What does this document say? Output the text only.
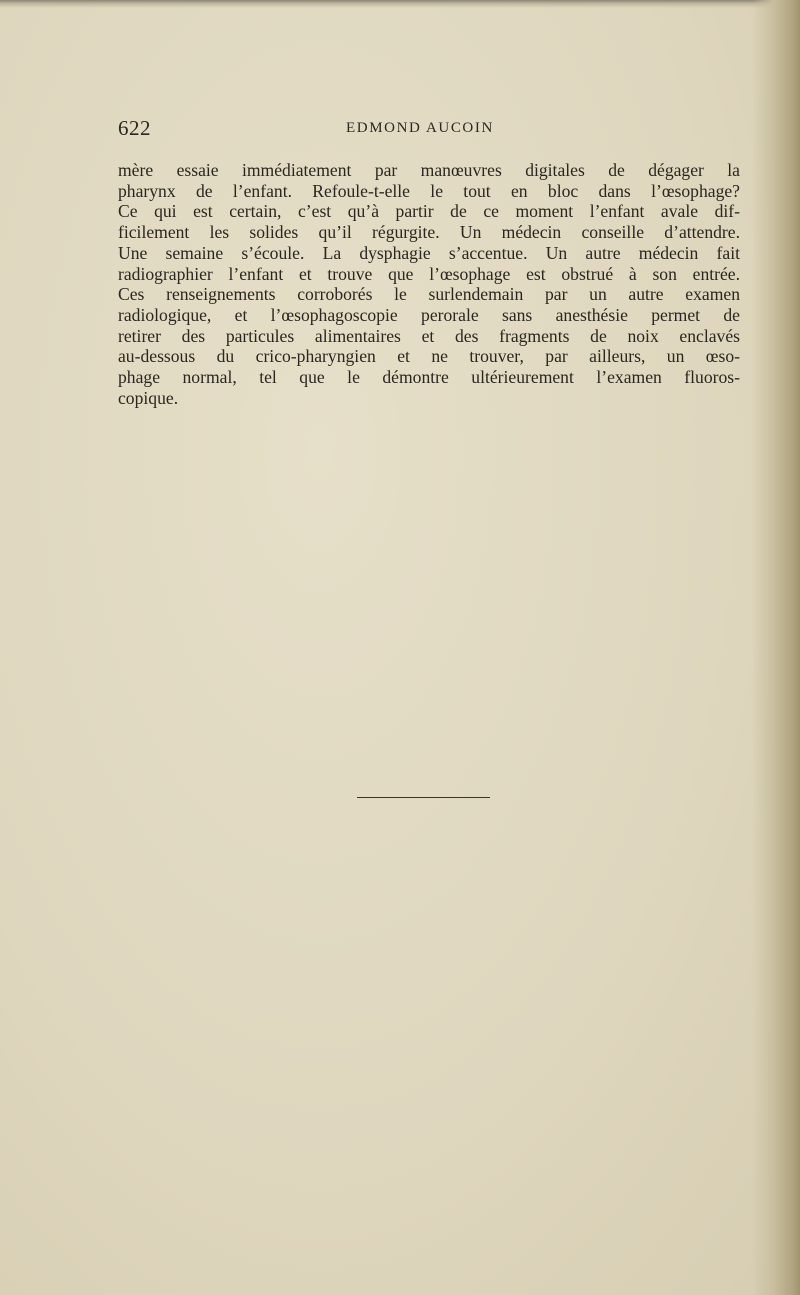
622	EDMOND AUCOIN
mère essaie immédiatement par manœuvres digitales de dégager la
pharynx de l’enfant. Refoule-t-elle le tout en bloc dans l’œsophage?
Ce qui est certain, c’est qu’à partir de ce moment l’enfant avale dif-
ficilement les solides qu’il régurgite. Un médecin conseille d’attendre.
Une semaine s’écoule. La dysphagie s’accentue. Un autre médecin fait
radiographier l’enfant et trouve que l’œsophage est obstrué à son entrée.
Ces renseignements corroborés le surlendemain par un autre examen
radiologique, et l’œsophagoscopie perorale sans anesthésie permet de
retirer des particules alimentaires et des fragments de noix enclavés
au-dessous du crico-pharyngien et ne trouver, par ailleurs, un œso-
phage normal, tel que le démontre ultérieurement l’examen fluoros-
copique.
